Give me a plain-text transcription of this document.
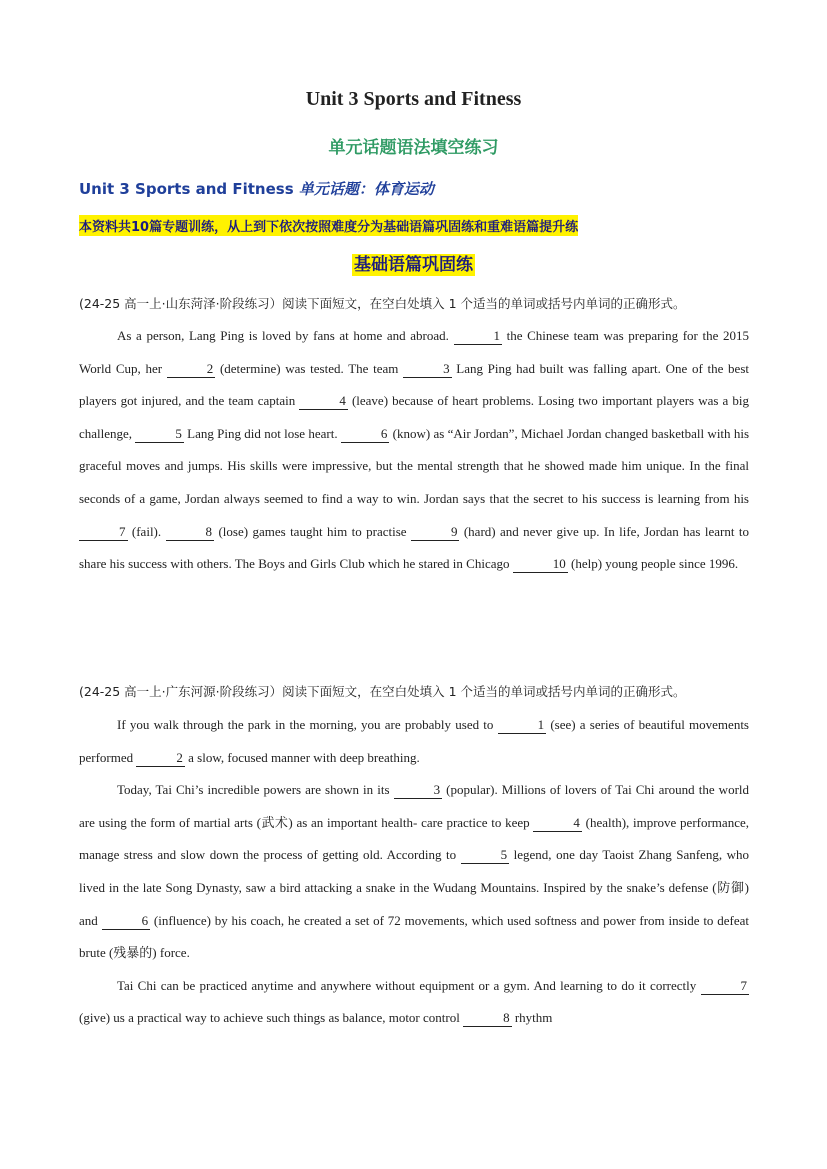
Unit 3 Sports and Fitness
单元话题语法填空练习
Unit 3 Sports and Fitness 单元话题：体育运动
本资料共10篇专题训练，从上到下依次按照难度分为基础语篇巩固练和重难语篇提升练
基础语篇巩固练
(24-25 高一上·山东菏泽·阶段练习）阅读下面短文，在空白处填入 1 个适当的单词或括号内单词的正确形式。
As a person, Lang Ping is loved by fans at home and abroad.	1 the Chinese team was preparing for the 2015 World Cup, her	2 (determine) was tested. The team	3 Lang Ping had built was falling apart. One of the best players got injured, and the team captain	4 (leave) because of heart problems. Losing two important players was a big challenge,	5 Lang Ping did not lose heart.	6 (know) as “Air Jordan”, Michael Jordan changed basketball with his graceful moves and jumps. His skills were impressive, but the mental strength that he showed made him unique. In the final seconds of a game, Jordan always seemed to find a way to win. Jordan says that the secret to his success is learning from his 7 (fail).	8 (lose) games taught him to practise	9 (hard) and never give up. In life, Jordan has learnt to share his success with others. The Boys and Girls Club which he stared in Chicago	10 (help) young people since 1996.
(24-25 高一上·广东河源·阶段练习）阅读下面短文，在空白处填入 1 个适当的单词或括号内单词的正确形式。
If you walk through the park in the morning, you are probably used to	1 (see) a series of beautiful movements performed	2 a slow, focused manner with deep breathing.
Today, Tai Chi’s incredible powers are shown in its	3 (popular). Millions of lovers of Tai Chi around the world are using the form of martial arts (武术) as an important health- care practice to keep	4 (health), improve performance, manage stress and slow down the process of getting old. According to	5 legend, one day Taoist Zhang Sanfeng, who lived in the late Song Dynasty, saw a bird attacking a snake in the Wudang Mountains. Inspired by the snake’s defense (防御) and	6 (influence) by his coach, he created a set of 72 movements, which used softness and power from inside to defeat brute (残暴的) force.
Tai Chi can be practiced anytime and anywhere without equipment or a gym. And learning to do it correctly	7 (give) us a practical way to achieve such things as balance, motor control	8 rhythm
